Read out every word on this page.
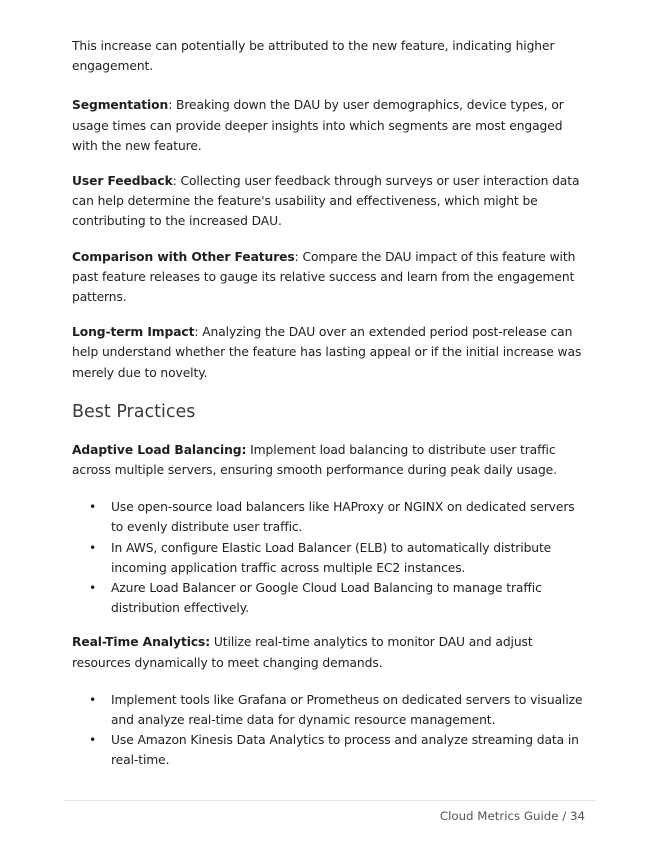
This increase can potentially be attributed to the new feature, indicating higher engagement.

Segmentation: Breaking down the DAU by user demographics, device types, or usage times can provide deeper insights into which segments are most engaged with the new feature.

User Feedback: Collecting user feedback through surveys or user interaction data can help determine the feature's usability and effectiveness, which might be contributing to the increased DAU.

Comparison with Other Features: Compare the DAU impact of this feature with past feature releases to gauge its relative success and learn from the engagement patterns.

Long-term Impact: Analyzing the DAU over an extended period post-release can help understand whether the feature has lasting appeal or if the initial increase was merely due to novelty.

Best Practices

Adaptive Load Balancing: Implement load balancing to distribute user traffic across multiple servers, ensuring smooth performance during peak daily usage.

• Use open-source load balancers like HAProxy or NGINX on dedicated servers to evenly distribute user traffic.
• In AWS, configure Elastic Load Balancer (ELB) to automatically distribute incoming application traffic across multiple EC2 instances.
• Azure Load Balancer or Google Cloud Load Balancing to manage traffic distribution effectively.

Real-Time Analytics: Utilize real-time analytics to monitor DAU and adjust resources dynamically to meet changing demands.

• Implement tools like Grafana or Prometheus on dedicated servers to visualize and analyze real-time data for dynamic resource management.
• Use Amazon Kinesis Data Analytics to process and analyze streaming data in real-time.
Cloud Metrics Guide / 34
